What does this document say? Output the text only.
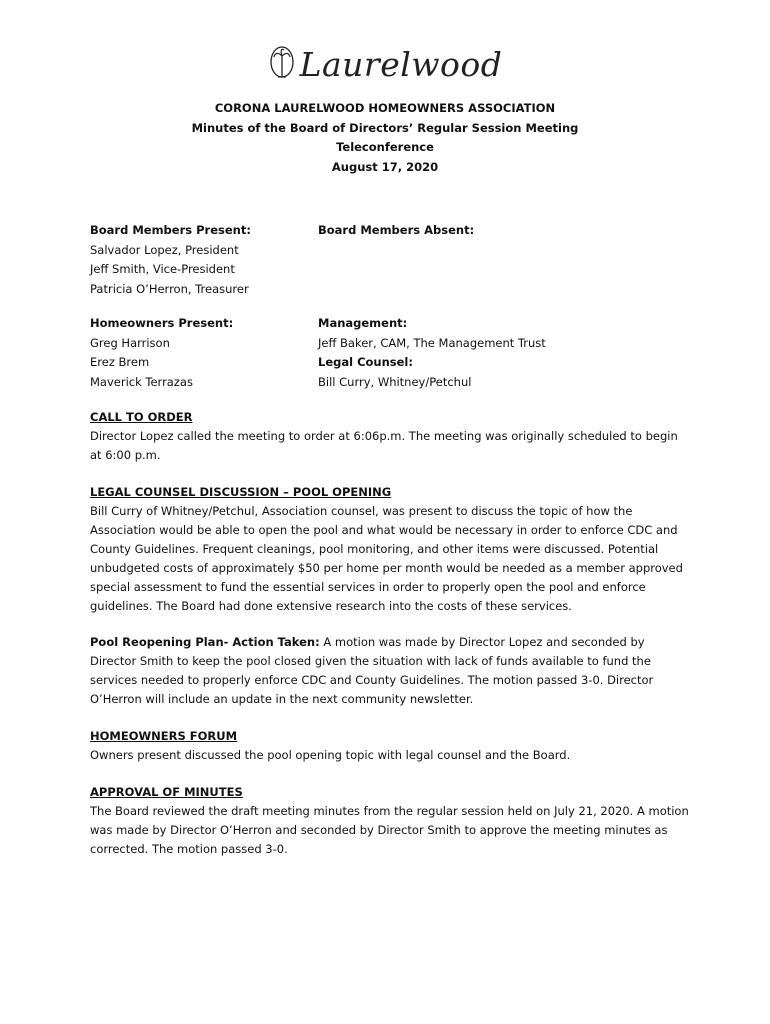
Laurelwood
CORONA LAURELWOOD HOMEOWNERS ASSOCIATION
Minutes of the Board of Directors’ Regular Session Meeting
Teleconference
August 17, 2020
Board Members Present:
Salvador Lopez, President
Jeff Smith, Vice-President
Patricia O’Herron, Treasurer
Board Members Absent:
Homeowners Present:
Greg Harrison
Erez Brem
Maverick Terrazas
Management:
Jeff Baker, CAM, The Management Trust
Legal Counsel:
Bill Curry, Whitney/Petchul
CALL TO ORDER

Director Lopez called the meeting to order at 6:06p.m. The meeting was originally scheduled to begin at 6:00 p.m.

LEGAL COUNSEL DISCUSSION – POOL OPENING

Bill Curry of Whitney/Petchul, Association counsel, was present to discuss the topic of how the Association would be able to open the pool and what would be necessary in order to enforce CDC and County Guidelines. Frequent cleanings, pool monitoring, and other items were discussed. Potential unbudgeted costs of approximately $50 per home per month would be needed as a member approved special assessment to fund the essential services in order to properly open the pool and enforce guidelines. The Board had done extensive research into the costs of these services.

Pool Reopening Plan- Action Taken: A motion was made by Director Lopez and seconded by Director Smith to keep the pool closed given the situation with lack of funds available to fund the services needed to properly enforce CDC and County Guidelines. The motion passed 3-0. Director O’Herron will include an update in the next community newsletter.

HOMEOWNERS FORUM

Owners present discussed the pool opening topic with legal counsel and the Board.

APPROVAL OF MINUTES

The Board reviewed the draft meeting minutes from the regular session held on July 21, 2020. A motion was made by Director O’Herron and seconded by Director Smith to approve the meeting minutes as corrected. The motion passed 3-0.
